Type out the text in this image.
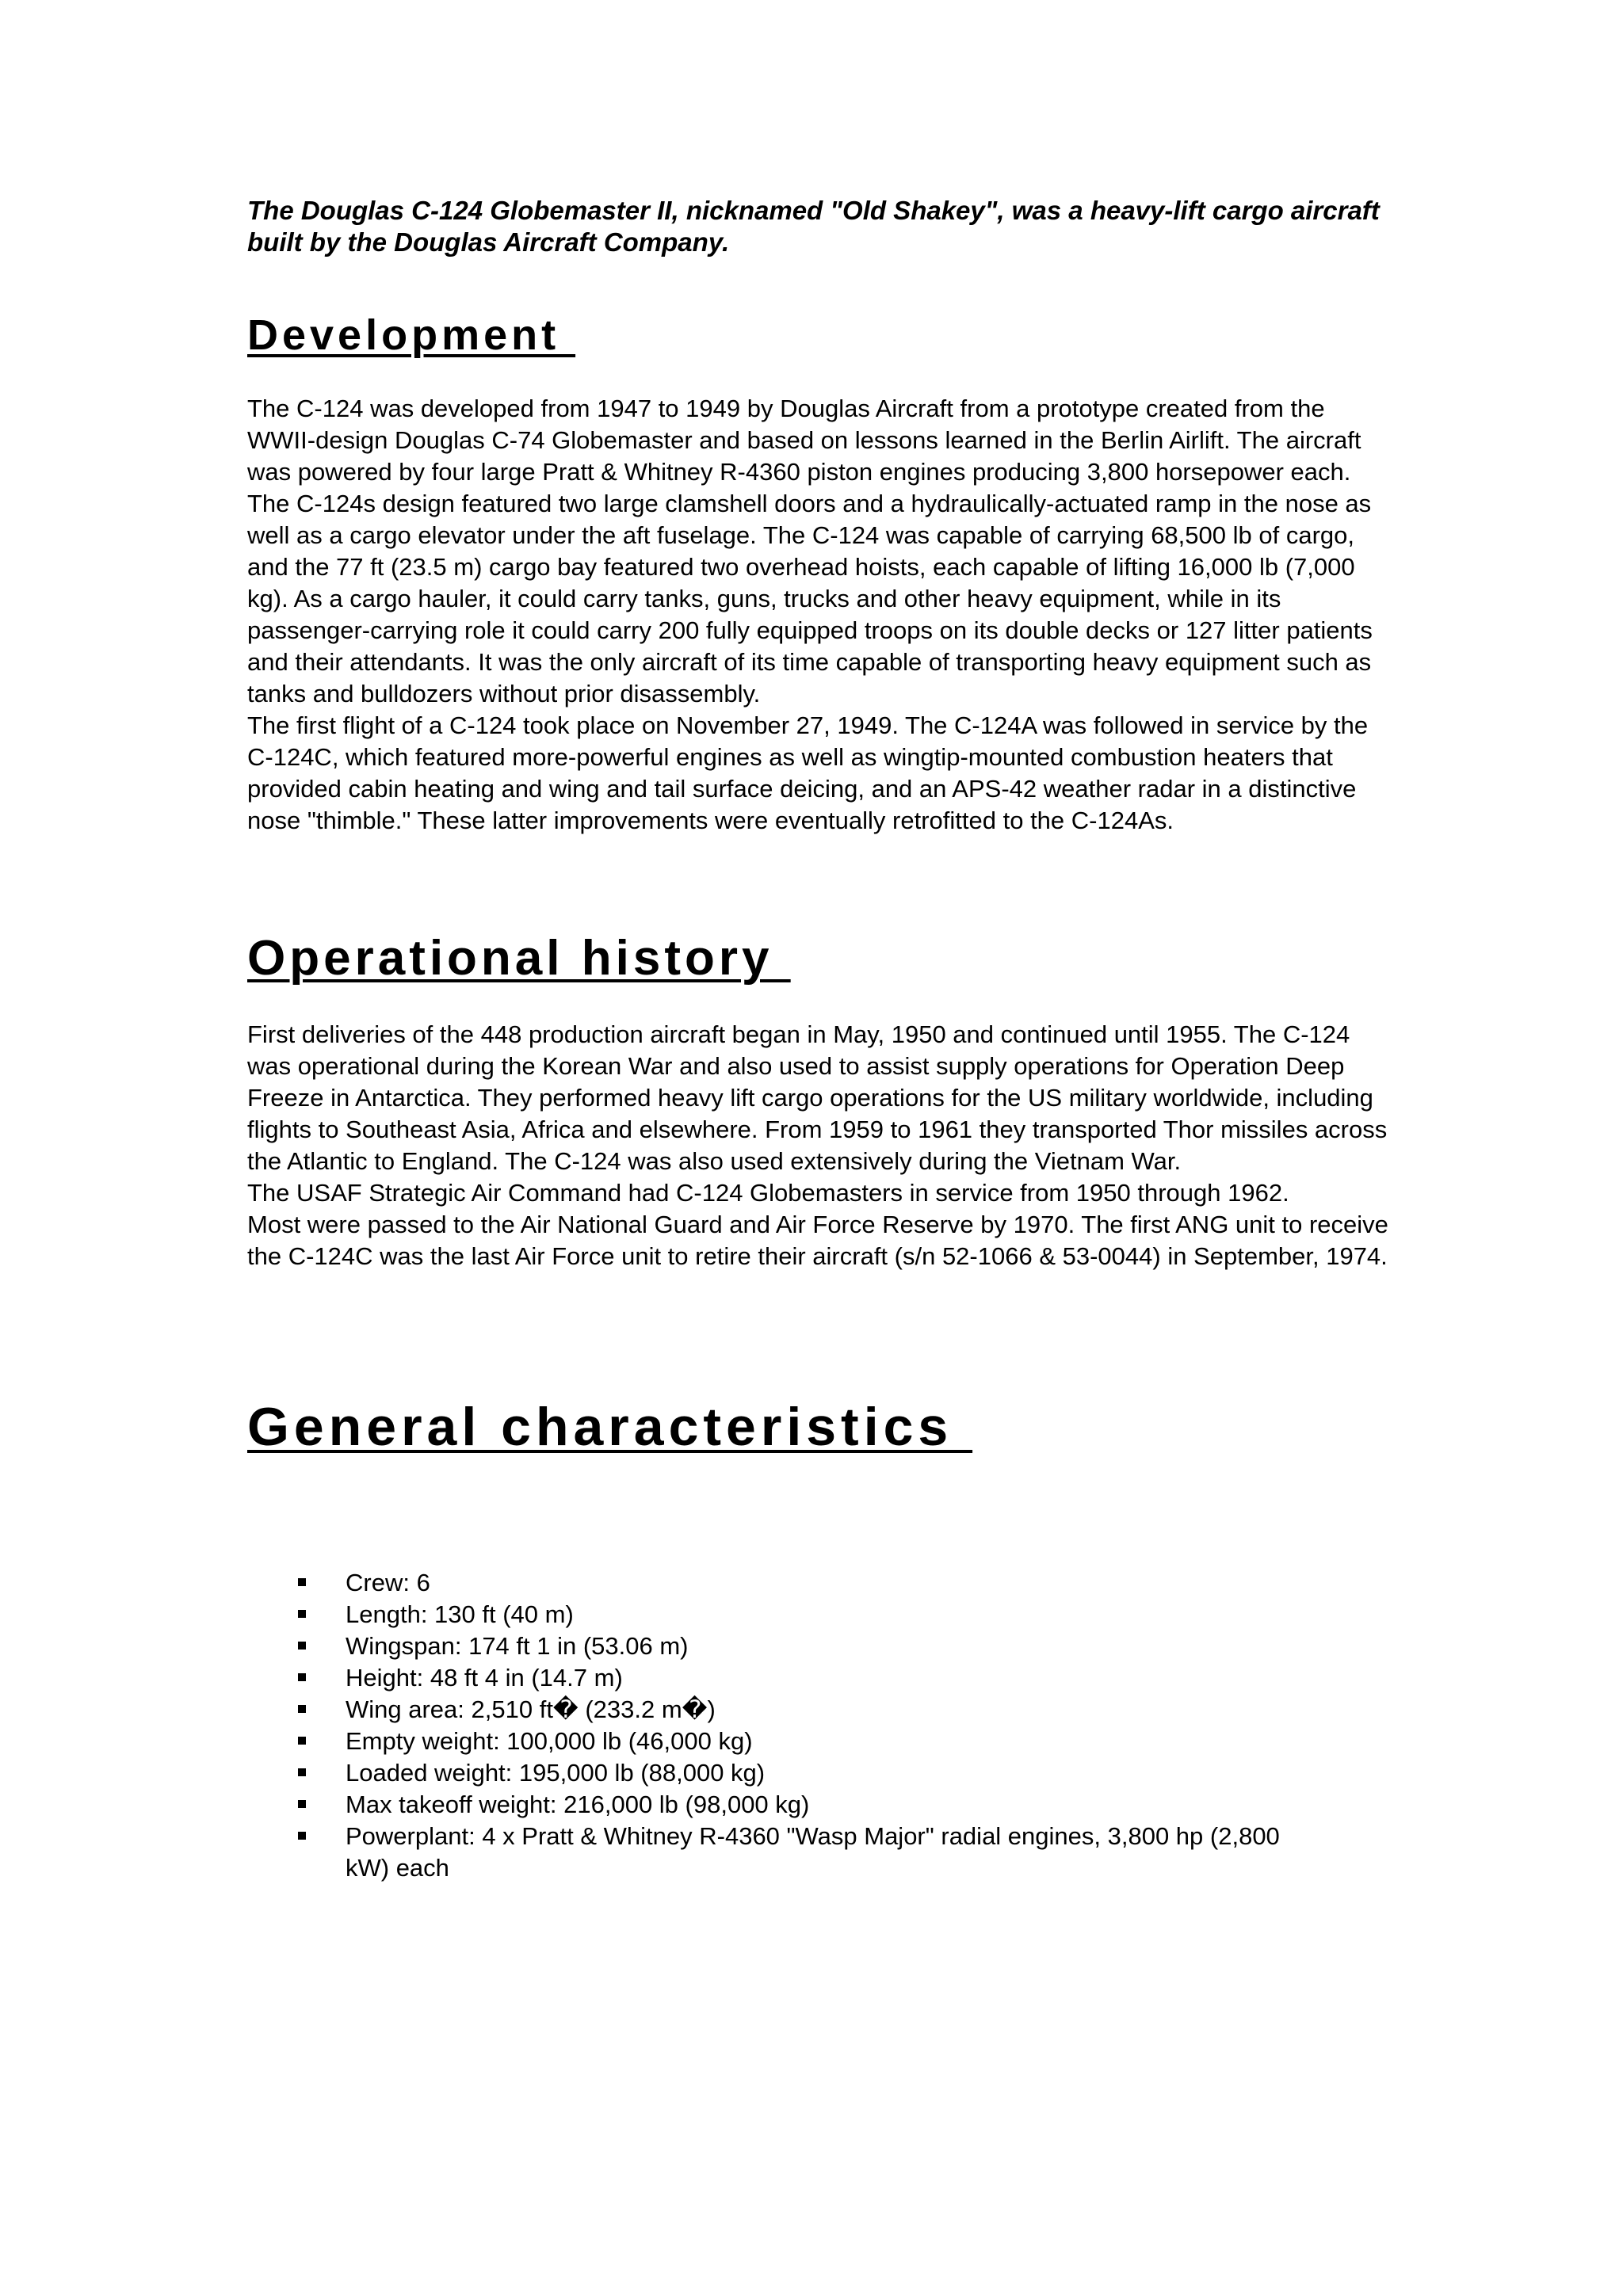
The Douglas C-124 Globemaster II, nicknamed "Old Shakey", was a heavy-lift cargo aircraft built by the Douglas Aircraft Company.

Development

The C-124 was developed from 1947 to 1949 by Douglas Aircraft from a prototype created from the WWII-design Douglas C-74 Globemaster and based on lessons learned in the Berlin Airlift. The aircraft was powered by four large Pratt & Whitney R-4360 piston engines producing 3,800 horsepower each. The C-124s design featured two large clamshell doors and a hydraulically-actuated ramp in the nose as well as a cargo elevator under the aft fuselage. The C-124 was capable of carrying 68,500 lb of cargo, and the 77 ft (23.5 m) cargo bay featured two overhead hoists, each capable of lifting 16,000 lb (7,000 kg). As a cargo hauler, it could carry tanks, guns, trucks and other heavy equipment, while in its passenger-carrying role it could carry 200 fully equipped troops on its double decks or 127 litter patients and their attendants. It was the only aircraft of its time capable of transporting heavy equipment such as tanks and bulldozers without prior disassembly.

The first flight of a C-124 took place on November 27, 1949. The C-124A was followed in service by the C-124C, which featured more-powerful engines as well as wingtip-mounted combustion heaters that provided cabin heating and wing and tail surface deicing, and an APS-42 weather radar in a distinctive nose "thimble." These latter improvements were eventually retrofitted to the C-124As.

Operational history

First deliveries of the 448 production aircraft began in May, 1950 and continued until 1955. The C-124 was operational during the Korean War and also used to assist supply operations for Operation Deep Freeze in Antarctica. They performed heavy lift cargo operations for the US military worldwide, including flights to Southeast Asia, Africa and elsewhere. From 1959 to 1961 they transported Thor missiles across the Atlantic to England. The C-124 was also used extensively during the Vietnam War.

The USAF Strategic Air Command had C-124 Globemasters in service from 1950 through 1962.

Most were passed to the Air National Guard and Air Force Reserve by 1970. The first ANG unit to receive the C-124C was the last Air Force unit to retire their aircraft (s/n 52-1066 & 53-0044) in September, 1974.

General characteristics
Crew: 6
Length: 130 ft (40 m)
Wingspan: 174 ft 1 in (53.06 m)
Height: 48 ft 4 in (14.7 m)
Wing area: 2,510 ft� (233.2 m�)
Empty weight: 100,000 lb (46,000 kg)
Loaded weight: 195,000 lb (88,000 kg)
Max takeoff weight: 216,000 lb (98,000 kg)
Powerplant: 4 x Pratt & Whitney R-4360 "Wasp Major" radial engines, 3,800 hp (2,800 kW) each
